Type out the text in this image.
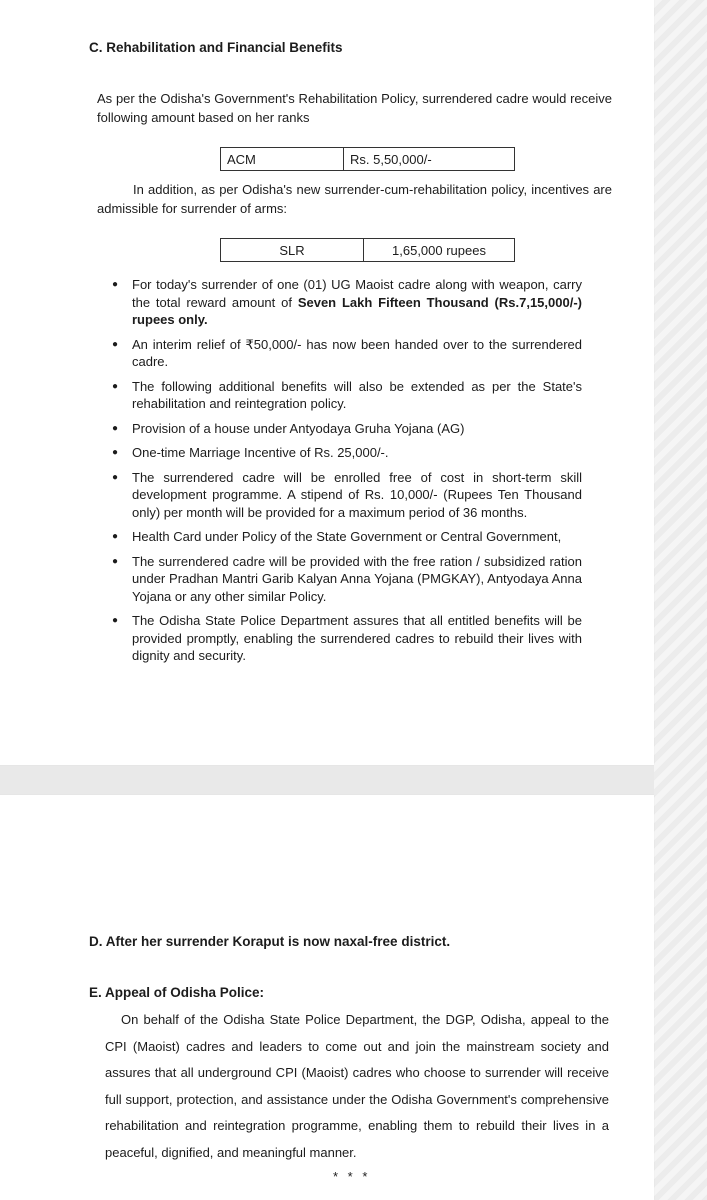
C. Rehabilitation and Financial Benefits
As per the Odisha's Government's Rehabilitation Policy, surrendered cadre would receive following amount based on her ranks
ACM	Rs. 5,50,000/-
In addition, as per Odisha's new surrender-cum-rehabilitation policy, incentives are admissible for surrender of arms:
SLR	1,65,000 rupees
● For today's surrender of one (01) UG Maoist cadre along with weapon, carry the total reward amount of Seven Lakh Fifteen Thousand (Rs.7,15,000/-) rupees only.
● An interim relief of ₹50,000/- has now been handed over to the surrendered cadre.
● The following additional benefits will also be extended as per the State's rehabilitation and reintegration policy.
● Provision of a house under Antyodaya Gruha Yojana (AG)
● One-time Marriage Incentive of Rs. 25,000/-.
● The surrendered cadre will be enrolled free of cost in short-term skill development programme. A stipend of Rs. 10,000/- (Rupees Ten Thousand only) per month will be provided for a maximum period of 36 months.
● Health Card under Policy of the State Government or Central Government,
● The surrendered cadre will be provided with the free ration / subsidized ration under Pradhan Mantri Garib Kalyan Anna Yojana (PMGKAY), Antyodaya Anna Yojana or any other similar Policy.
● The Odisha State Police Department assures that all entitled benefits will be provided promptly, enabling the surrendered cadres to rebuild their lives with dignity and security.
D. After her surrender Koraput is now naxal-free district.
E. Appeal of Odisha Police:
On behalf of the Odisha State Police Department, the DGP, Odisha, appeal to the CPI (Maoist) cadres and leaders to come out and join the mainstream society and assures that all underground CPI (Maoist) cadres who choose to surrender will receive full support, protection, and assistance under the Odisha Government's comprehensive rehabilitation and reintegration programme, enabling them to rebuild their lives in a peaceful, dignified, and meaningful manner.
* * *
